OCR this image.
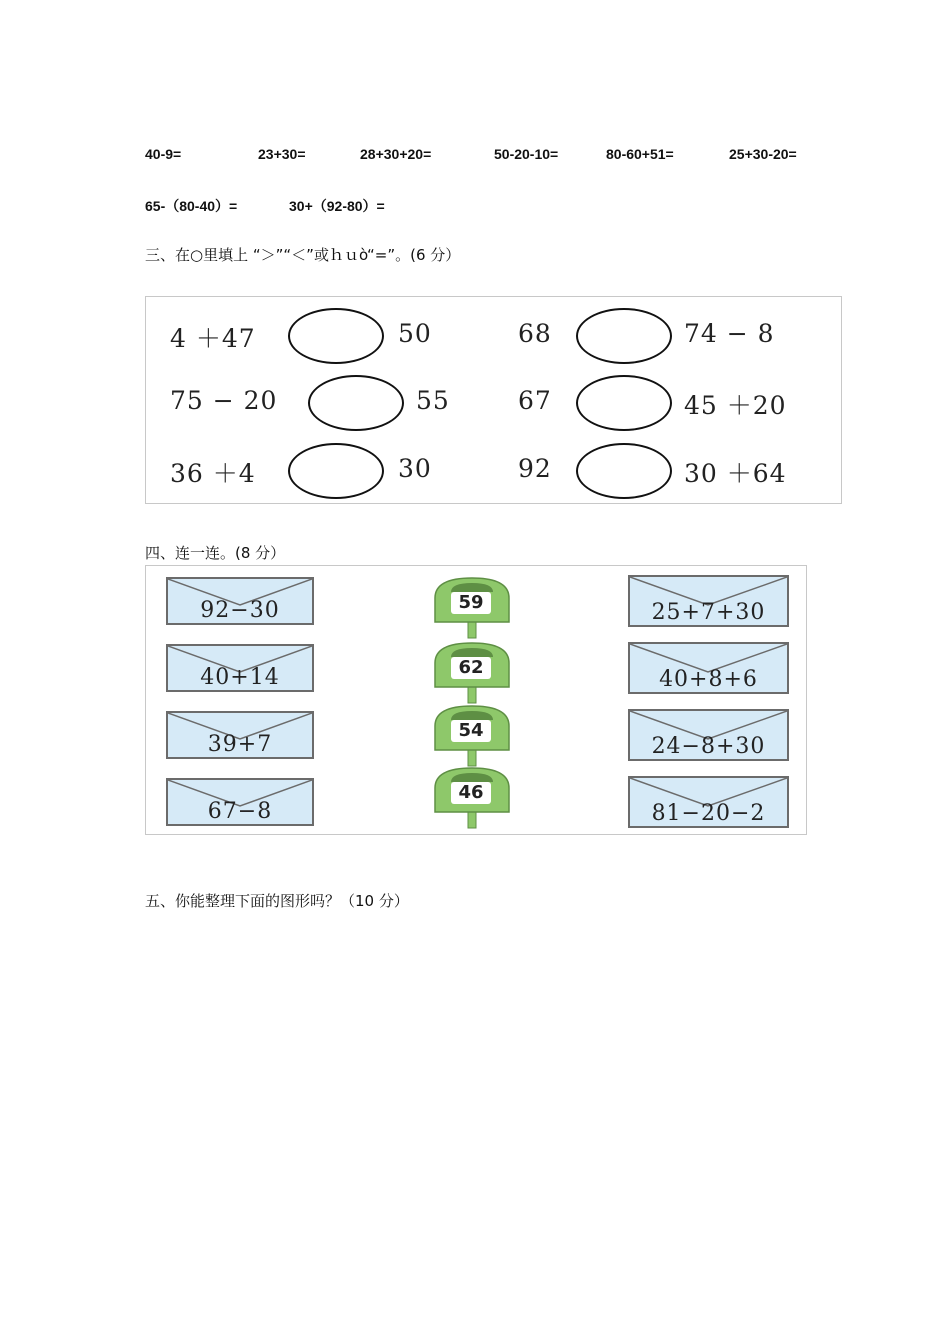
40-9=	23+30=	28+30+20=	50-20-10=	80-60+51=	25+30-20=
65-（80-40）=	30+（92-80）=
三、在○里填上 “＞”“＜”或ｈｕò“=”。(6 分）
4 ＋47	50	68	74 − 8
75 − 20	55	67	45 ＋20
36 ＋4	30	92	30 ＋64
四、连一连。(8 分）
92−30
40+14
39+7
67−8
59
62
54
46
25+7+30
40+8+6
24−8+30
81−20−2
五、你能整理下面的图形吗？（10 分）
